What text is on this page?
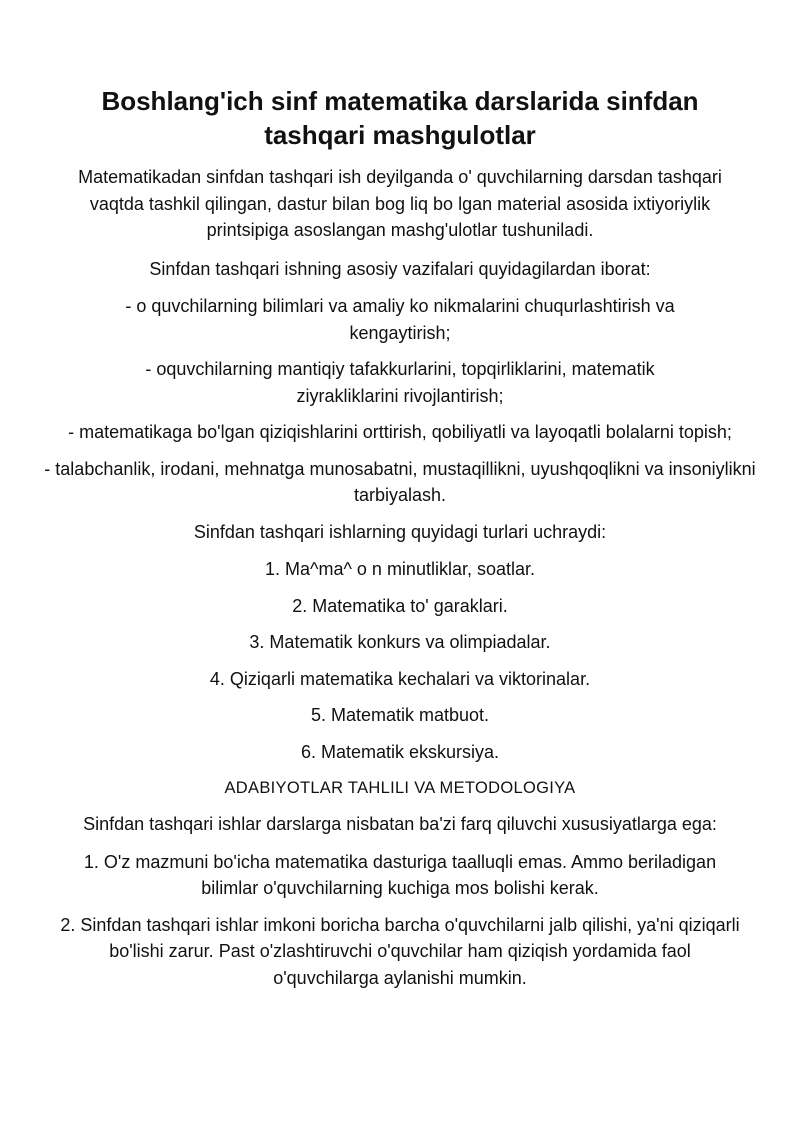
Boshlang'ich sinf matematika darslarida sinfdan tashqari mashgulotlar

Matematikadan sinfdan tashqari ish deyilganda o' quvchilarning darsdan tashqari vaqtda tashkil qilingan, dastur bilan bog liq bo lgan material asosida ixtiyoriylik printsipiga asoslangan mashg'ulotlar tushuniladi.

Sinfdan tashqari ishning asosiy vazifalari quyidagilardan iborat:

- o quvchilarning bilimlari va amaliy ko nikmalarini chuqurlashtirish va kengaytirish;

- oquvchilarning mantiqiy tafakkurlarini, topqirliklarini, matematik ziyrakliklarini rivojlantirish;

- matematikaga bo'lgan qiziqishlarini orttirish, qobiliyatli va layoqatli bolalarni topish;

- talabchanlik, irodani, mehnatga munosabatni, mustaqillikni, uyushqoqlikni va insoniylikni tarbiyalash.

Sinfdan tashqari ishlarning quyidagi turlari uchraydi:

1. Ma^ma^ o n minutliklar, soatlar.

2. Matematika to' garaklari.

3. Matematik konkurs va olimpiadalar.

4. Qiziqarli matematika kechalari va viktorinalar.

5. Matematik matbuot.

6. Matematik ekskursiya.

ADABIYOTLAR TAHLILI VA METODOLOGIYA

Sinfdan tashqari ishlar darslarga nisbatan ba'zi farq qiluvchi xususiyatlarga ega:

1. O'z mazmuni bo'icha matematika dasturiga taalluqli emas. Ammo beriladigan bilimlar o'quvchilarning kuchiga mos bolishi kerak.

2. Sinfdan tashqari ishlar imkoni boricha barcha o'quvchilarni jalb qilishi, ya'ni qiziqarli bo'lishi zarur. Past o'zlashtiruvchi o'quvchilar ham qiziqish yordamida faol o'quvchilarga aylanishi mumkin.
